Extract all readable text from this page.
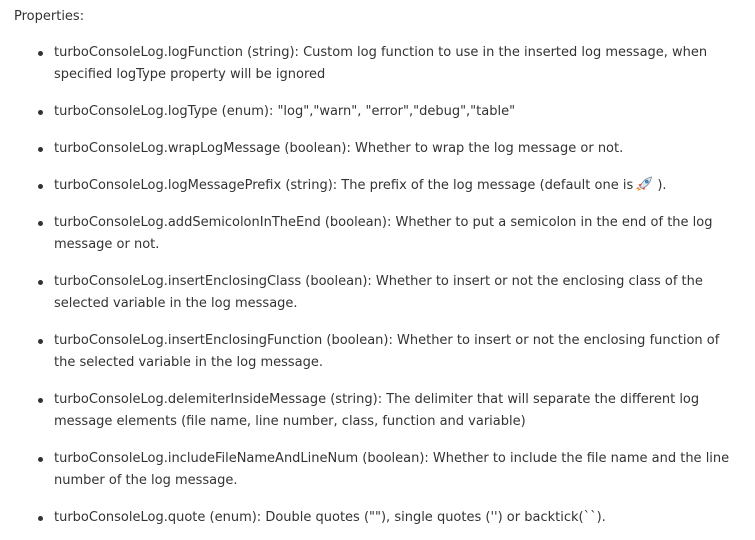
Properties:
turboConsoleLog.logFunction (string): Custom log function to use in the inserted log message, when specified logType property will be ignored
turboConsoleLog.logType (enum): "log","warn", "error","debug","table"
turboConsoleLog.wrapLogMessage (boolean): Whether to wrap the log message or not.
turboConsoleLog.logMessagePrefix (string): The prefix of the log message (default one is ).
turboConsoleLog.addSemicolonInTheEnd (boolean): Whether to put a semicolon in the end of the log message or not.
turboConsoleLog.insertEnclosingClass (boolean): Whether to insert or not the enclosing class of the selected variable in the log message.
turboConsoleLog.insertEnclosingFunction (boolean): Whether to insert or not the enclosing function of the selected variable in the log message.
turboConsoleLog.delemiterInsideMessage (string): The delimiter that will separate the different log message elements (file name, line number, class, function and variable)
turboConsoleLog.includeFileNameAndLineNum (boolean): Whether to include the file name and the line number of the log message.
turboConsoleLog.quote (enum): Double quotes (""), single quotes ('') or backtick(``).
